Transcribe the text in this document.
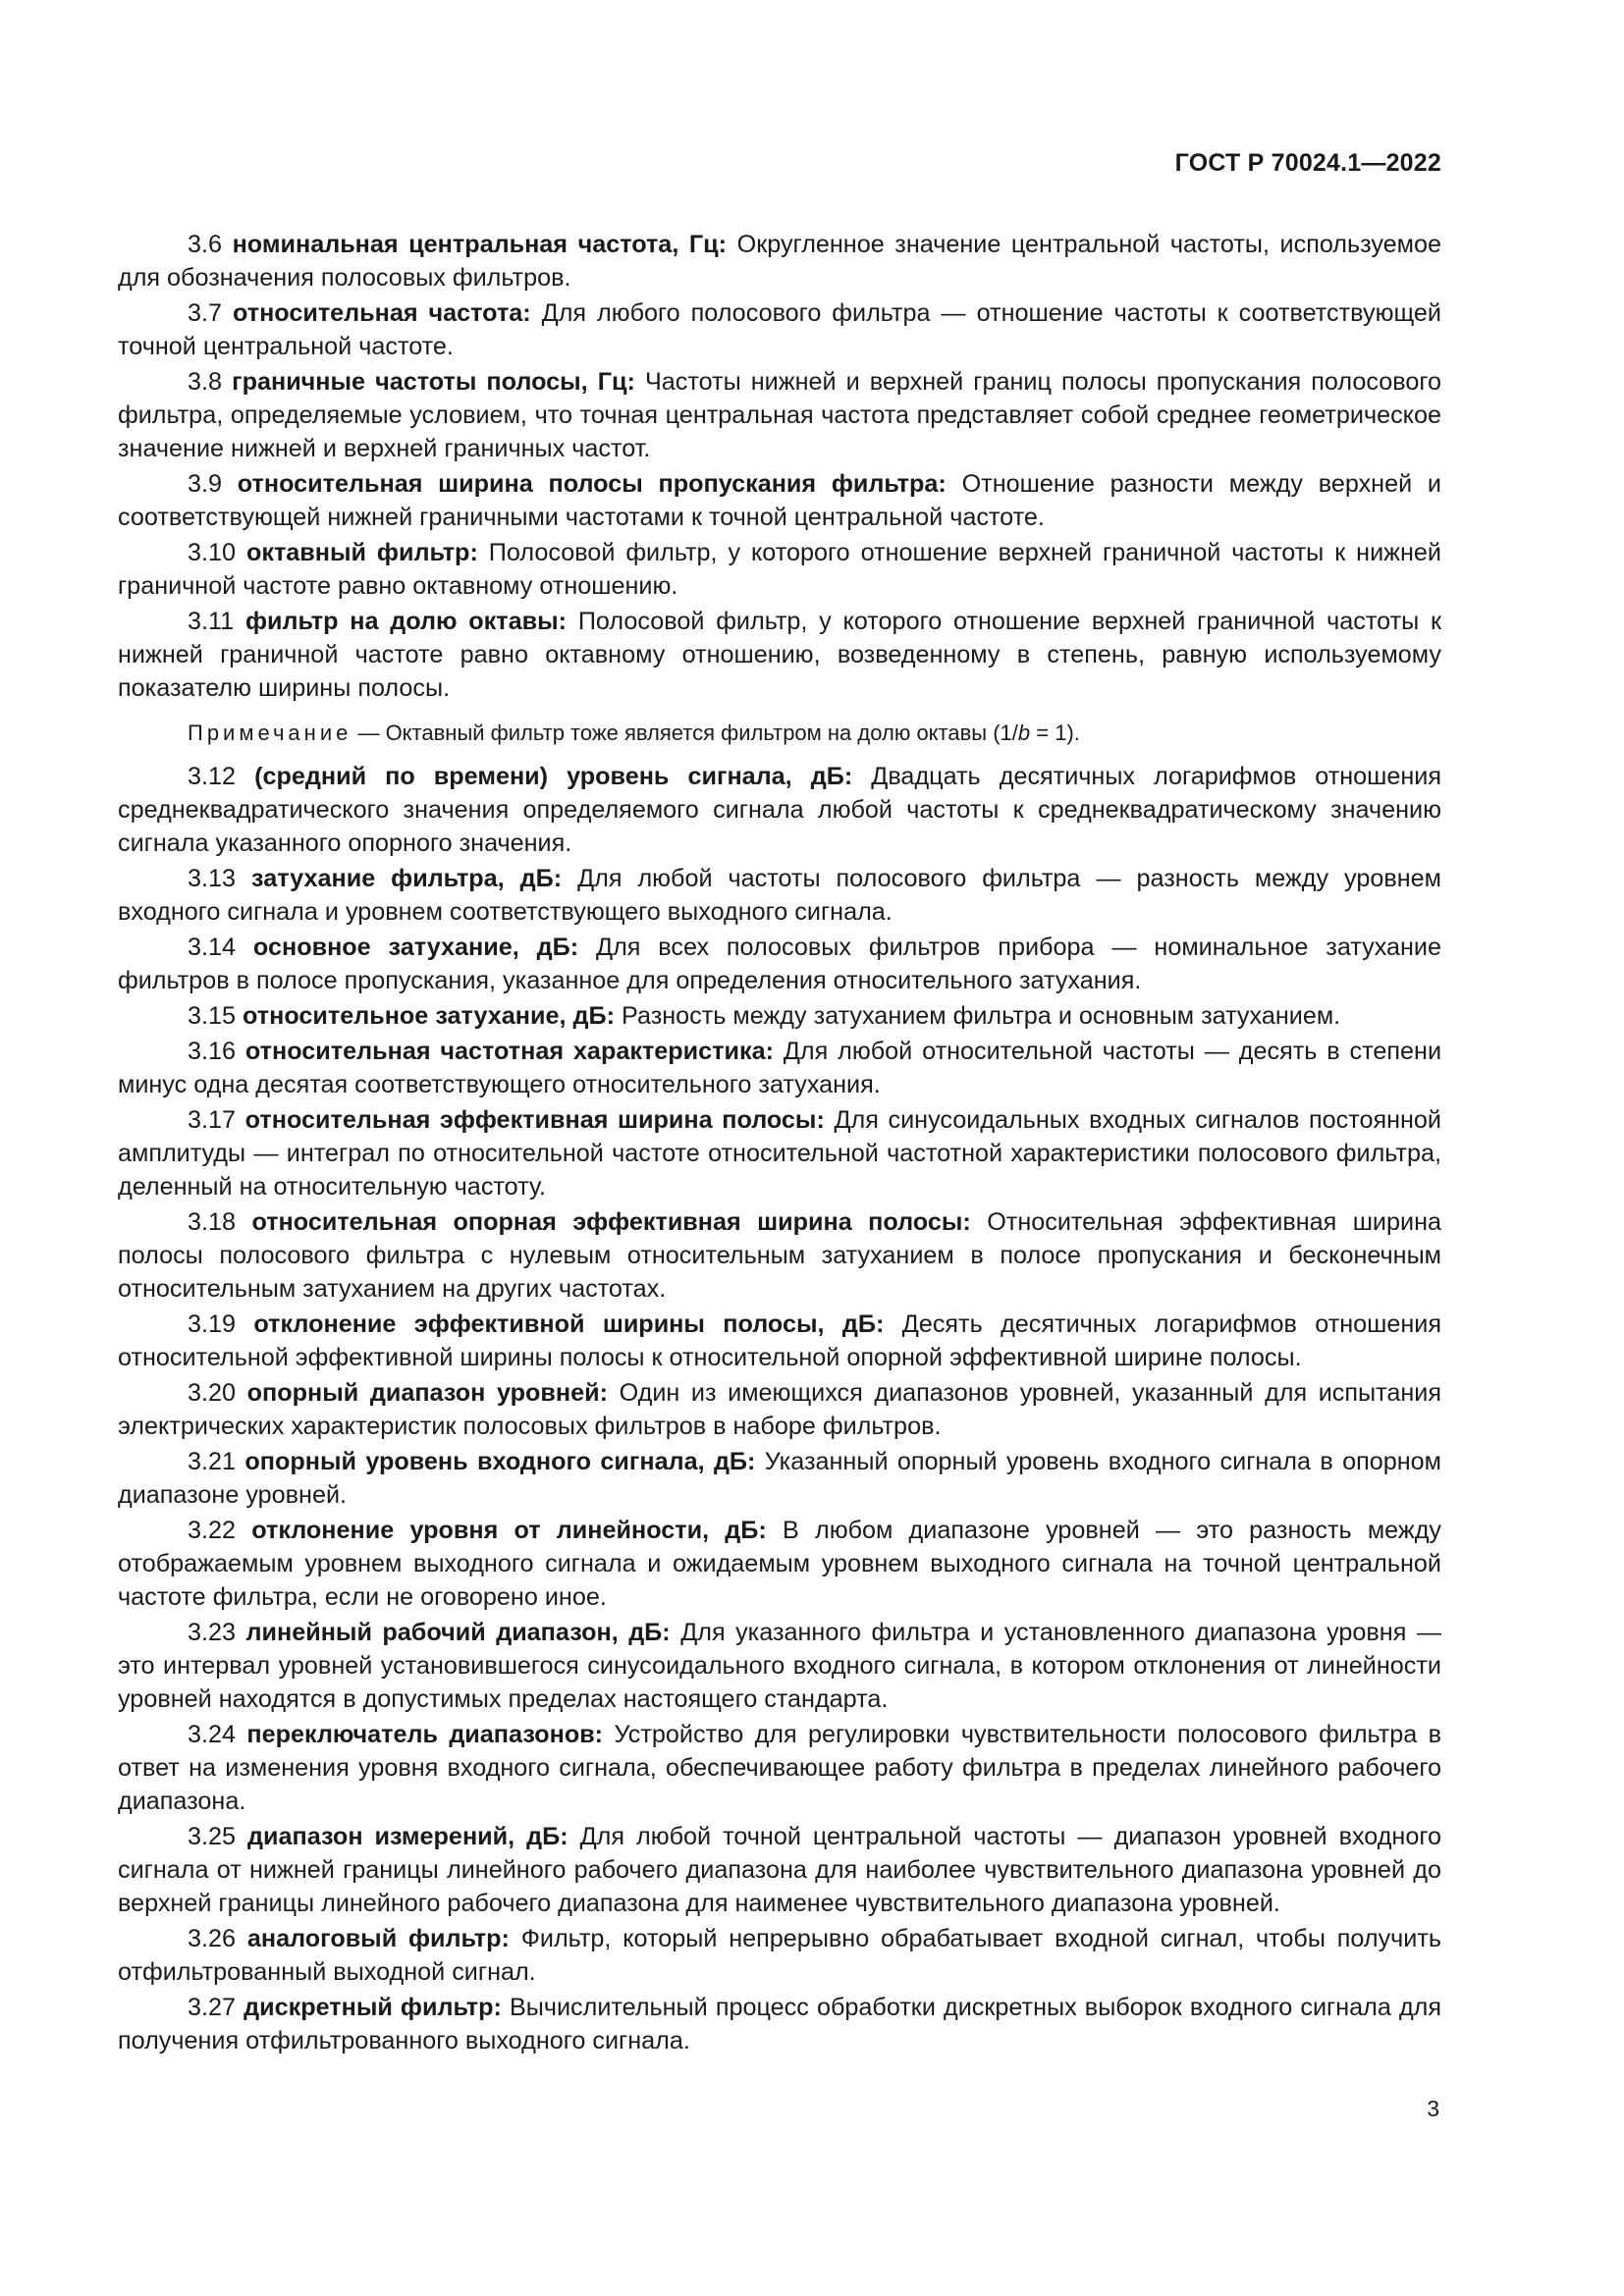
ГОСТ Р 70024.1—2022

3.6 номинальная центральная частота, Гц: Округленное значение центральной частоты, используемое для обозначения полосовых фильтров.

3.7 относительная частота: Для любого полосового фильтра — отношение частоты к соответствующей точной центральной частоте.

3.8 граничные частоты полосы, Гц: Частоты нижней и верхней границ полосы пропускания полосового фильтра, определяемые условием, что точная центральная частота представляет собой среднее геометрическое значение нижней и верхней граничных частот.

3.9 относительная ширина полосы пропускания фильтра: Отношение разности между верхней и соответствующей нижней граничными частотами к точной центральной частоте.

3.10 октавный фильтр: Полосовой фильтр, у которого отношение верхней граничной частоты к нижней граничной частоте равно октавному отношению.

3.11 фильтр на долю октавы: Полосовой фильтр, у которого отношение верхней граничной частоты к нижней граничной частоте равно октавному отношению, возведенному в степень, равную используемому показателю ширины полосы.

Примечание — Октавный фильтр тоже является фильтром на долю октавы (1/b = 1).

3.12 (средний по времени) уровень сигнала, дБ: Двадцать десятичных логарифмов отношения среднеквадратического значения определяемого сигнала любой частоты к среднеквадратическому значению сигнала указанного опорного значения.

3.13 затухание фильтра, дБ: Для любой частоты полосового фильтра — разность между уровнем входного сигнала и уровнем соответствующего выходного сигнала.

3.14 основное затухание, дБ: Для всех полосовых фильтров прибора — номинальное затухание фильтров в полосе пропускания, указанное для определения относительного затухания.

3.15 относительное затухание, дБ: Разность между затуханием фильтра и основным затуханием.

3.16 относительная частотная характеристика: Для любой относительной частоты — десять в степени минус одна десятая соответствующего относительного затухания.

3.17 относительная эффективная ширина полосы: Для синусоидальных входных сигналов постоянной амплитуды — интеграл по относительной частоте относительной частотной характеристики полосового фильтра, деленный на относительную частоту.

3.18 относительная опорная эффективная ширина полосы: Относительная эффективная ширина полосы полосового фильтра с нулевым относительным затуханием в полосе пропускания и бесконечным относительным затуханием на других частотах.

3.19 отклонение эффективной ширины полосы, дБ: Десять десятичных логарифмов отношения относительной эффективной ширины полосы к относительной опорной эффективной ширине полосы.

3.20 опорный диапазон уровней: Один из имеющихся диапазонов уровней, указанный для испытания электрических характеристик полосовых фильтров в наборе фильтров.

3.21 опорный уровень входного сигнала, дБ: Указанный опорный уровень входного сигнала в опорном диапазоне уровней.

3.22 отклонение уровня от линейности, дБ: В любом диапазоне уровней — это разность между отображаемым уровнем выходного сигнала и ожидаемым уровнем выходного сигнала на точной центральной частоте фильтра, если не оговорено иное.

3.23 линейный рабочий диапазон, дБ: Для указанного фильтра и установленного диапазона уровня — это интервал уровней установившегося синусоидального входного сигнала, в котором отклонения от линейности уровней находятся в допустимых пределах настоящего стандарта.

3.24 переключатель диапазонов: Устройство для регулировки чувствительности полосового фильтра в ответ на изменения уровня входного сигнала, обеспечивающее работу фильтра в пределах линейного рабочего диапазона.

3.25 диапазон измерений, дБ: Для любой точной центральной частоты — диапазон уровней входного сигнала от нижней границы линейного рабочего диапазона для наиболее чувствительного диапазона уровней до верхней границы линейного рабочего диапазона для наименее чувствительного диапазона уровней.

3.26 аналоговый фильтр: Фильтр, который непрерывно обрабатывает входной сигнал, чтобы получить отфильтрованный выходной сигнал.

3.27 дискретный фильтр: Вычислительный процесс обработки дискретных выборок входного сигнала для получения отфильтрованного выходного сигнала.

3
